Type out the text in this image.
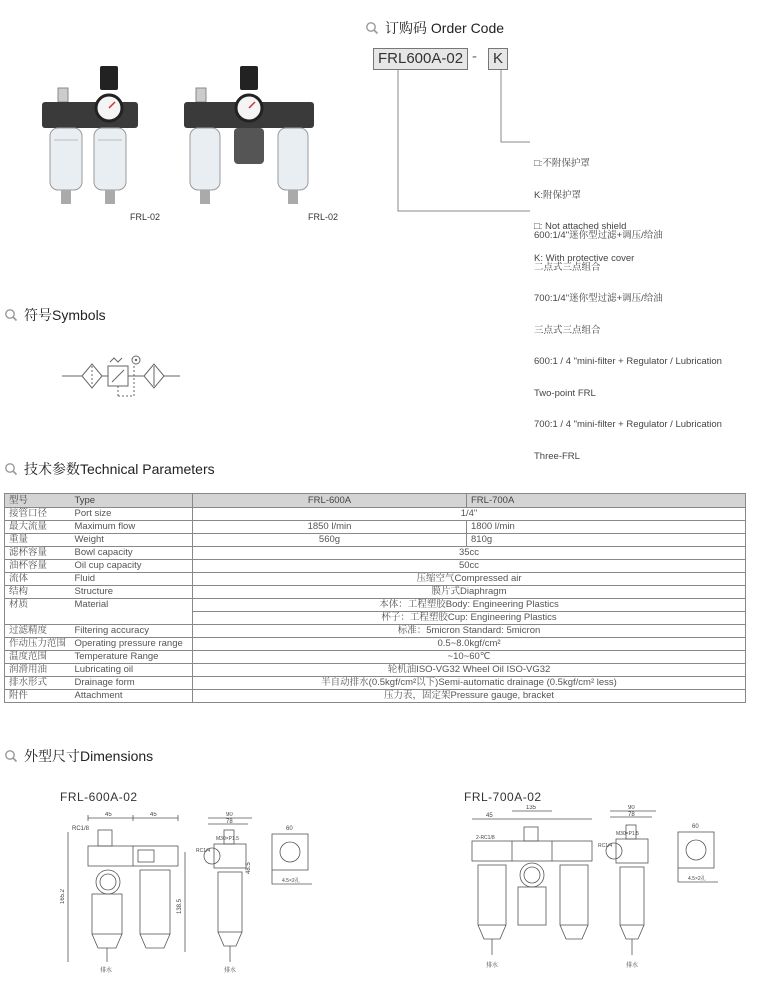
订购码 Order Code
FRL600A-02 -	K

□:不附保护罩

K:附保护罩

□: Not attached shield

K: With protective cover

600:1/4"迷你型过滤+调压/给油

二点式三点组合

700:1/4"迷你型过滤+调压/给油

三点式三点组合

600:1 / 4 "mini-filter + Regulator / Lubrication

Two-point FRL

700:1 / 4 "mini-filter + Regulator / Lubrication

Three-FRL

FRL-02	FRL-02
符号Symbols
技术参数Technical Parameters
型号	Type	FRL-600A	FRL-700A
接管口径	Port size	1/4"	
最大流量	Maximum flow	1850 l/min	1800 l/min
重量	Weight	560g	810g
滤杯容量	Bowl capacity	35cc	
油杯容量	Oil cup capacity	50cc	
流体	Fluid	压缩空气Compressed air	
结构	Structure	膜片式Diaphragm	
材质	Material	本体：工程塑胶Body: Engineering Plastics	
		杯子：工程塑胶Cup: Engineering Plastics	
过滤精度	Filtering accuracy	标准：5micron Standard: 5micron	
作动压力范围	Operating pressure range	0.5~8.0kgf/cm²	
温度范围	Temperature Range	~10~60℃	
润滑用油	Lubricating oil	轮机油ISO-VG32 Wheel Oil ISO-VG32	
排水形式	Drainage form	半自动排水(0.5kgf/cm²以下)Semi-automatic drainage (0.5kgf/cm² less)	
附件	Attachment	压力表，固定架Pressure gauge, bracket	
外型尺寸Dimensions
FRL-600A-02	FRL-700A-02
RC1/8
45	45
165.2
138.5
排水
90
78
M30×P1.5
RC1/4
48.5
排水
60
4.5×2孔
135
45
2-RC1/8
排水
90
78
M30×P1.5
RC1/4
排水
60
4.5×2孔
